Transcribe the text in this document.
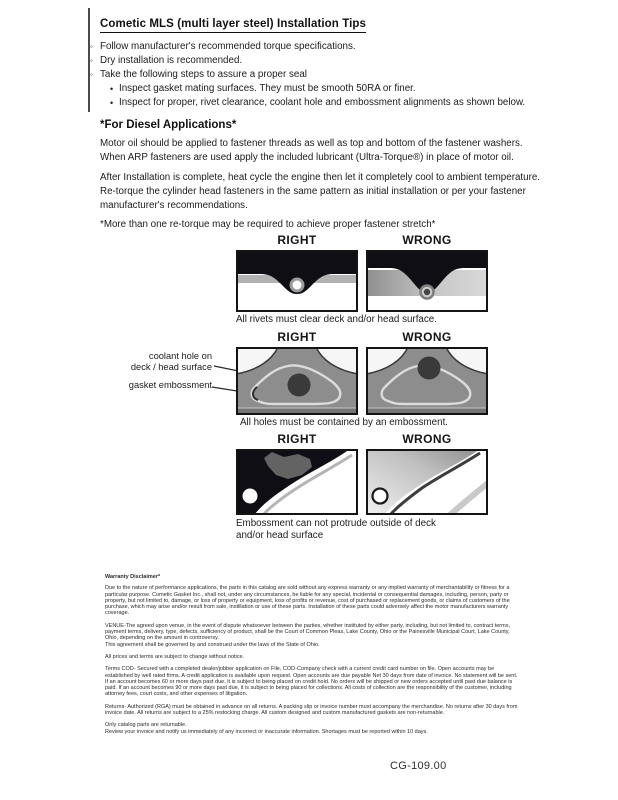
Cometic MLS (multi layer steel) Installation Tips
◦ Follow manufacturer's recommended torque specifications.
◦ Dry installation is recommended.
◦ Take the following steps to assure a proper seal
• Inspect gasket mating surfaces. They must be smooth 50RA or finer.
• Inspect for proper, rivet clearance, coolant hole and embossment alignments as shown below.
*For Diesel Applications*
Motor oil should be applied to fastener threads as well as top and bottom of the fastener washers. When ARP fasteners are used apply the included lubricant (Ultra-Torque®) in place of motor oil.
After Installation is complete, heat cycle the engine then let it completely cool to ambient temperature. Re-torque the cylinder head fasteners in the same pattern as initial installation or per your fastener manufacturer's recommendations.
*More than one re-torque may be required to achieve proper fastener stretch*
RIGHT	WRONG
All rivets must clear deck and/or head surface.
RIGHT	WRONG
coolant hole on
deck / head surface
gasket embossment
All holes must be contained by an embossment.
RIGHT	WRONG
Embossment can not protrude outside of deck
and/or head surface

Warranty Disclaimer*

Due to the nature of performance applications, the parts in this catalog are sold without any express warranty or any implied warranty of merchantability or fitness for a particular purpose. Cometic Gasket Inc., shall not, under any circumstances, be liable for any special, incidental or consequential damages, including, person, party or property, but not limited to, damage, or loss of property or equipment, loss of profits or revenue, cost of purchased or replacement goods, or claims of customers of the purchase, which may arise and/or result from sale, instillation or use of these parts. Installation of these parts could adversely affect the motor manufacturers warranty coverage.

VENUE-The agreed upon venue, in the event of dispute whatsoever between the parties, whether instituted by either party, including, but not limited to, contract terms, payment terms, delivery, type, defects, sufficiency of product, shall be the Court of Common Pleas, Lake County, Ohio or the Painesville Municipal Court, Lake County, Ohio, depending on the amount in controversy.

This agreement shall be governed by and construed under the laws of the State of Ohio.

All prices and terms are subject to change without notice.

Terms COD- Secured with a completed dealer/jobber application on File, COD-Company check with a current credit card number on file. Open accounts may be established by well rated firms. A credit application is available upon request. Open accounts are due payable Net 30 days from date of invoice. No statement will be sent. If an account becomes 60 or more days past due, it is subject to being placed on credit hold. No orders will be shipped or new orders accepted until past due balance is paid. If an account becomes 90 or more days past due, it is subject to being placed for collections. All costs of collection are the responsibility of the customer, including attorney fees, court costs, and other expenses of litigation.

Returns- Authorized (RGA) must be obtained in advance on all returns. A packing slip or invoice number must accompany the merchandise. No returns after 30 days from invoice date. All returns are subject to a 25% restocking charge. All custom designed and custom manufactured gaskets are non-returnable.

Only catalog parts are returnable.

Review your invoice and notify us immediately of any incorrect or inaccurate information. Shortages must be reported within 10 days.

CG-109.00
